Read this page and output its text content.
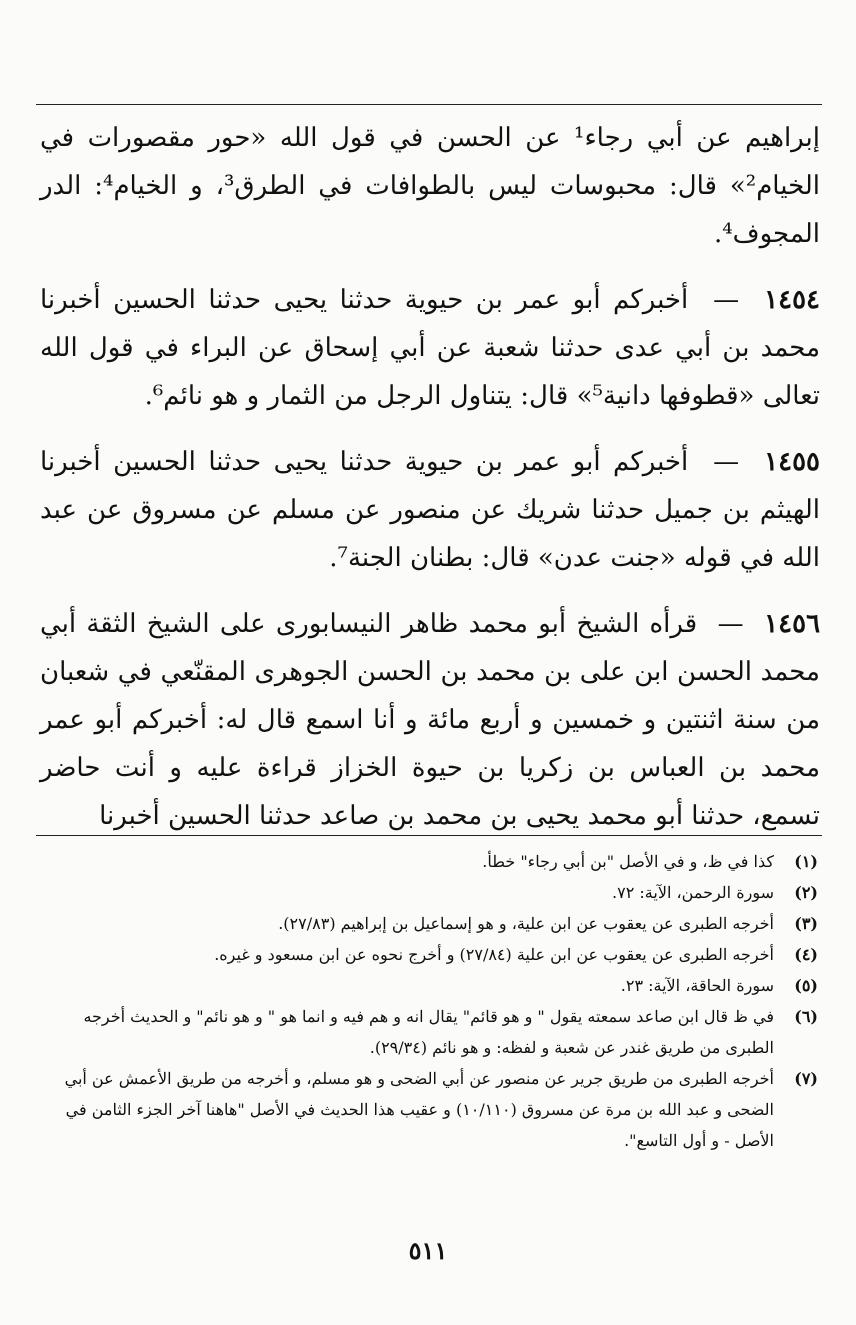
إبراهيم عن أبي رجاء¹ عن الحسن في قول الله «حور مقصورات في الخيام²» قال: محبوسات ليس بالطوافات في الطرق³، و الخيام⁴: الدر المجوف⁴.

١٤٥٤  —  أخبركم أبو عمر بن حيوية حدثنا يحيى حدثنا الحسين أخبرنا محمد بن أبي عدى حدثنا شعبة عن أبي إسحاق عن البراء في قول الله تعالى «قطوفها دانية⁵» قال: يتناول الرجل من الثمار و هو نائم⁶.

١٤٥٥  —  أخبركم أبو عمر بن حيوية حدثنا يحيى حدثنا الحسين أخبرنا الهيثم بن جميل حدثنا شريك عن منصور عن مسلم عن مسروق عن عبد الله في قوله «جنت عدن» قال: بطنان الجنة⁷.

١٤٥٦  —  قرأه الشيخ أبو محمد ظاهر النيسابورى على الشيخ الثقة أبي محمد الحسن ابن على بن محمد بن الحسن الجوهرى المقنّعي في شعبان من سنة اثنتين و خمسين و أربع مائة و أنا اسمع قال له: أخبركم أبو عمر محمد بن العباس بن زكريا بن حيوة الخزاز قراءة عليه و أنت حاضر تسمع، حدثنا أبو محمد يحيى بن محمد بن صاعد حدثنا الحسين أخبرنا

(١)
كذا في ظ، و في الأصل "بن أبي رجاء" خطأ.

(٢)
سورة الرحمن، الآية: ٧٢.

(٣)
أخرجه الطبرى عن يعقوب عن ابن علية، و هو إسماعيل بن إبراهيم (٢٧/٨٣).

(٤)
أخرجه الطبرى عن يعقوب عن ابن علية (٢٧/٨٤) و أخرج نحوه عن ابن مسعود و غيره.

(٥)
سورة الحاقة، الآية: ٢٣.

(٦)
في ظ قال ابن صاعد سمعته يقول " و هو قائم" يقال انه و هم فيه و انما هو " و هو نائم" و الحديث أخرجه الطبرى من طريق غندر عن شعبة و لفظه: و هو نائم (٢٩/٣٤).

(٧)
أخرجه الطبرى من طريق جرير عن منصور عن أبي الضحى و هو مسلم، و أخرجه من طريق الأعمش عن أبي الضحى و عبد الله بن مرة عن مسروق (١٠/١١٠) و عقيب هذا الحديث في الأصل "هاهنا آخر الجزء الثامن في الأصل - و أول التاسع".

٥١١
